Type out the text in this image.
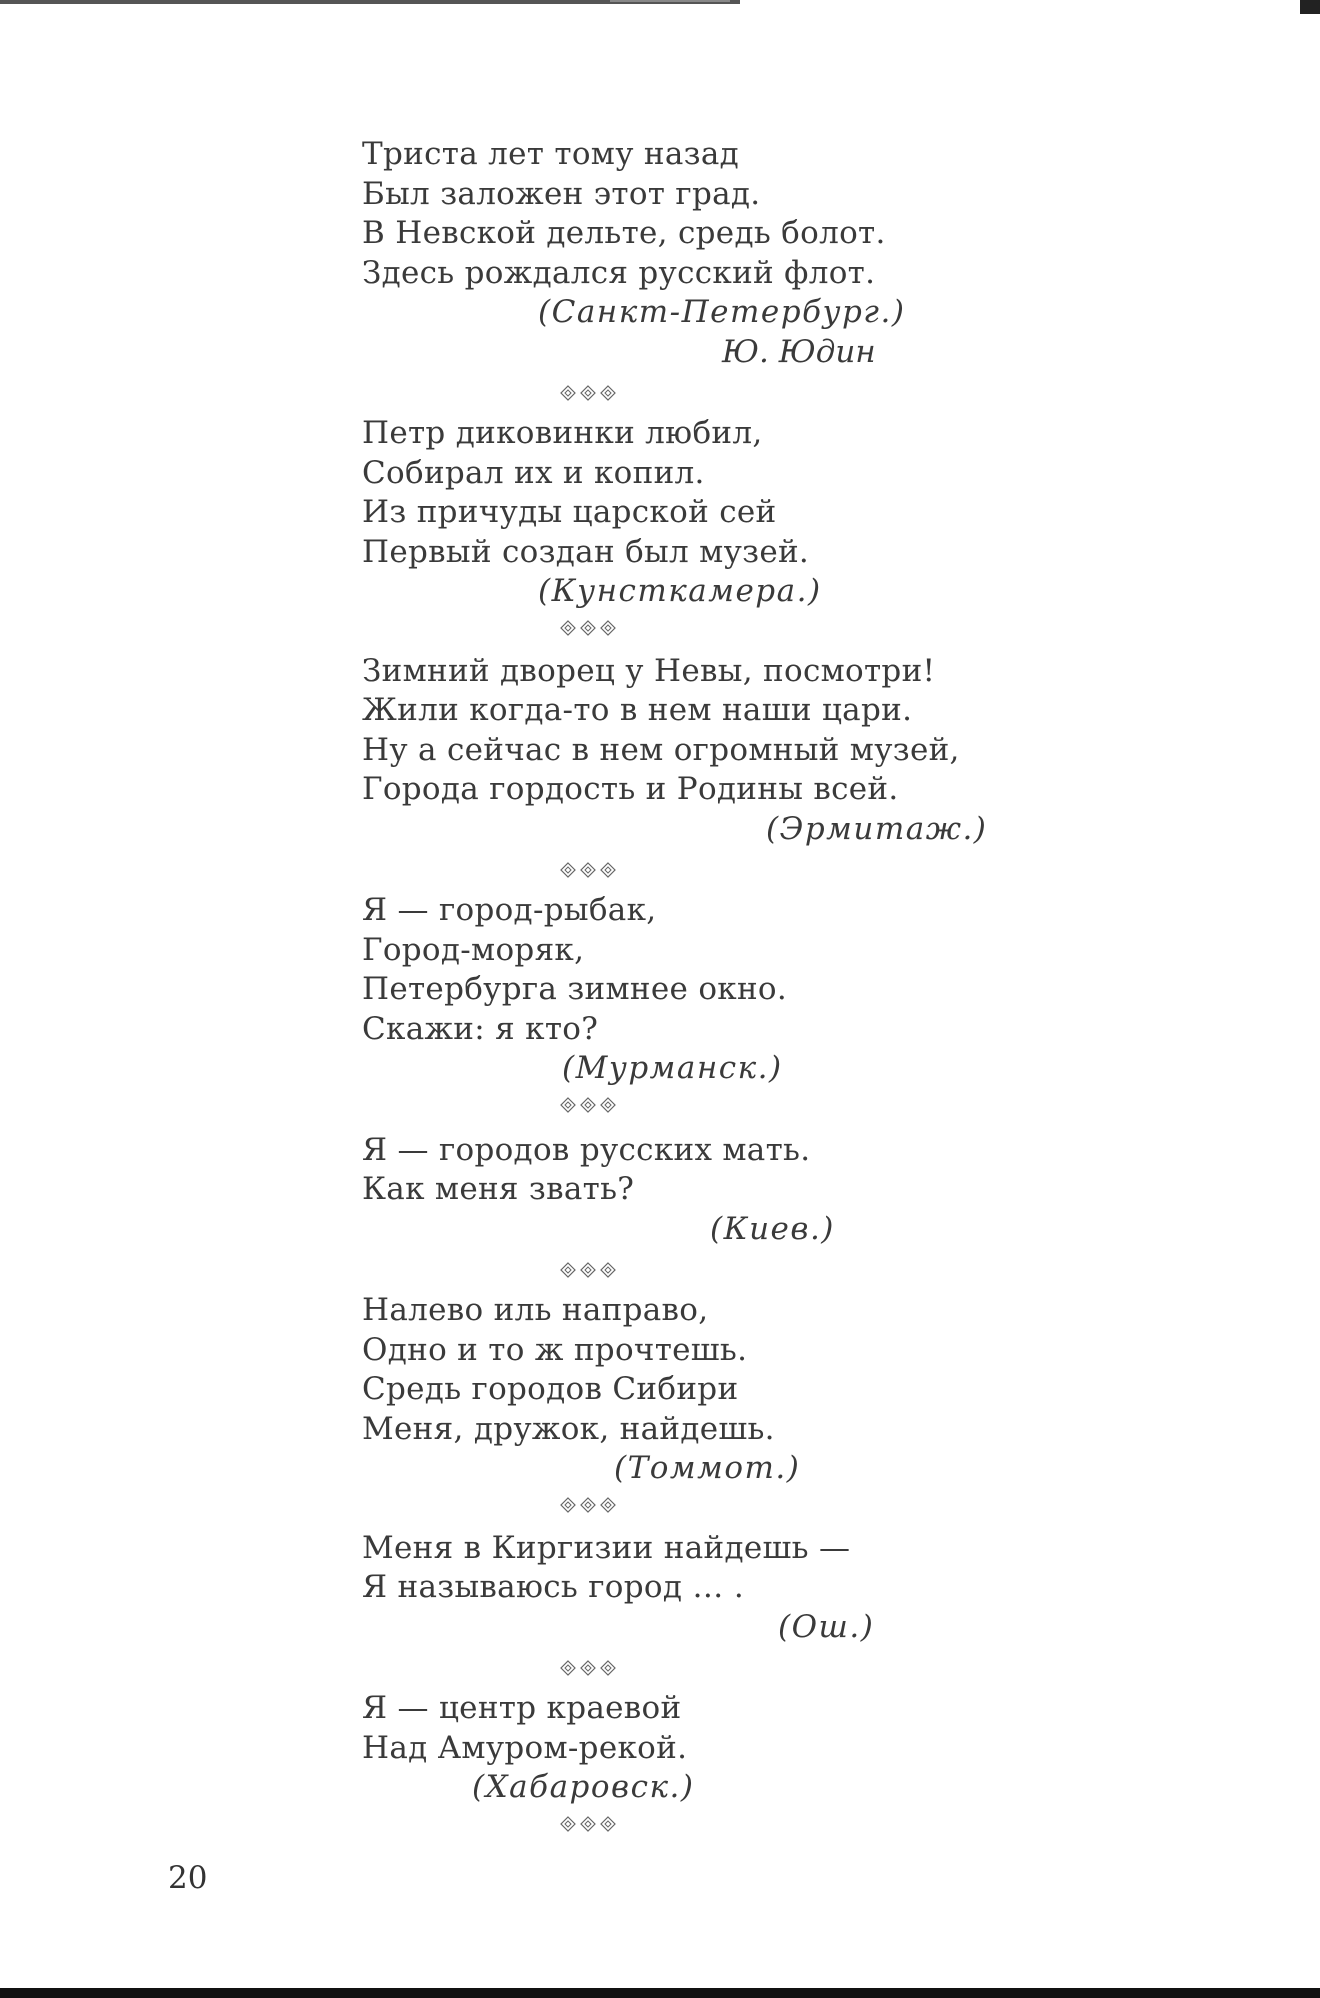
Триста лет тому назад
Был заложен этот град.
В Невской дельте, средь болот.
Здесь рождался русский флот.
(Санкт-Петербург.)
Ю. Юдин
Петр диковинки любил,
Собирал их и копил.
Из причуды царской сей
Первый создан был музей.
(Кунсткамера.)
Зимний дворец у Невы, посмотри!
Жили когда-то в нем наши цари.
Ну а сейчас в нем огромный музей,
Города гордость и Родины всей.
(Эрмитаж.)
Я — город-рыбак,
Город-моряк,
Петербурга зимнее окно.
Скажи: я кто?
(Мурманск.)
Я — городов русских мать.
Как меня звать?
(Киев.)
Налево иль направо,
Одно и то ж прочтешь.
Средь городов Сибири
Меня, дружок, найдешь.
(Томмот.)
Меня в Киргизии найдешь —
Я называюсь город … .
(Ош.)
Я — центр краевой
Над Амуром-рекой.
(Хабаровск.)
20
